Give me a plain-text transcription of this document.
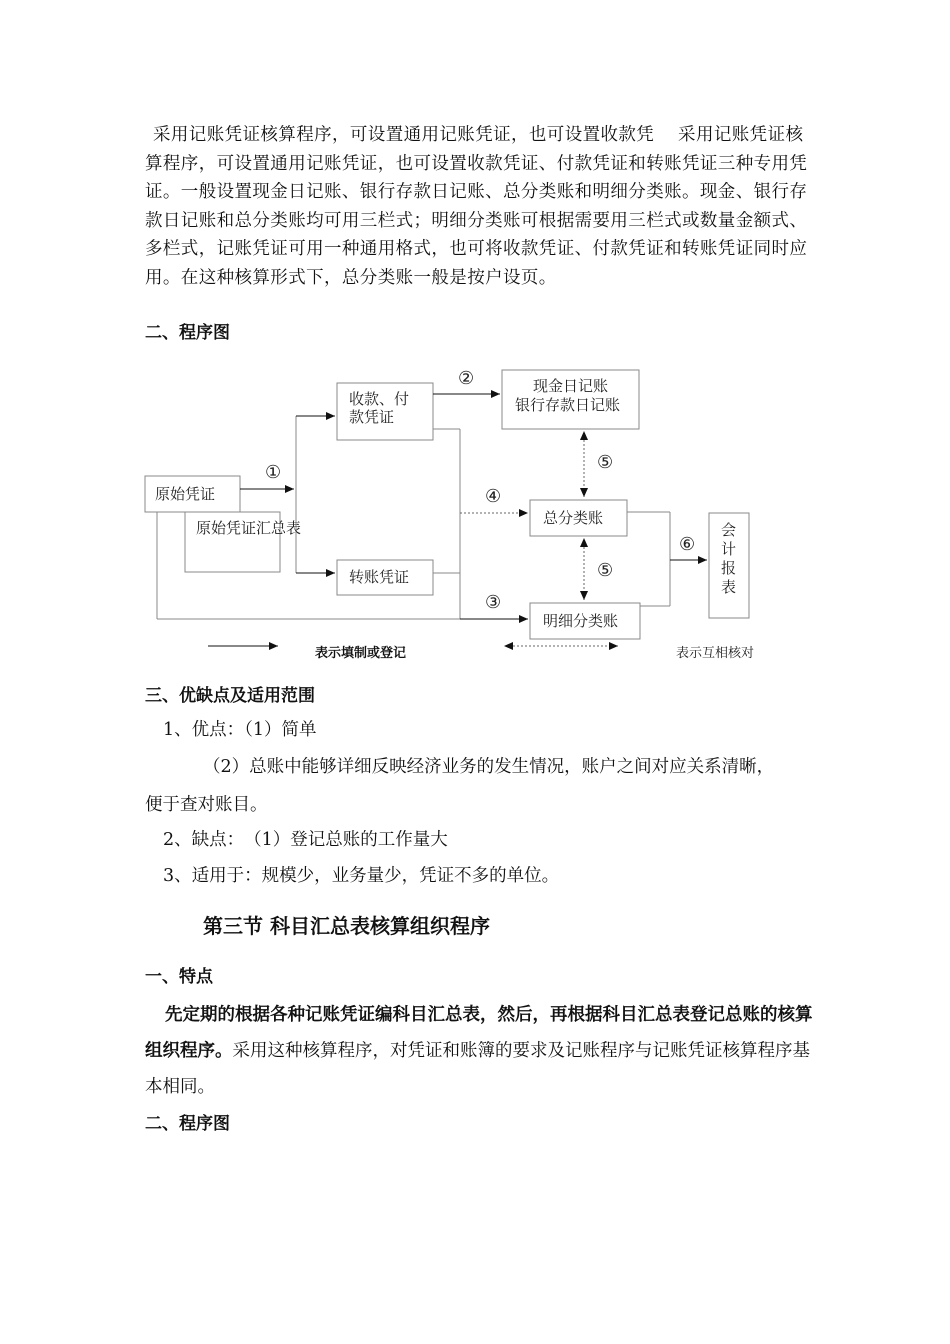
采用记账凭证核算程序，可设置通用记账凭证，也可设置收款凭　 采用记账凭证核算程序，可设置通用记账凭证，也可设置收款凭证、付款凭证和转账凭证三种专用凭证。一般设置现金日记账、银行存款日记账、总分类账和明细分类账。现金、银行存款日记账和总分类账均可用三栏式；明细分类账可根据需要用三栏式或数量金额式、多栏式，记账凭证可用一种通用格式，也可将收款凭证、付款凭证和转账凭证同时应用。在这种核算形式下，总分类账一般是按户设页。
二、程序图
原始凭证
原始凭证汇总表
收款、付
款凭证
转账凭证
现金日记账
银行存款日记账
总分类账
明细分类账
会
计
报
表
①
②
③
④
⑤
⑤
⑥
表示填制或登记	表示互相核对
三、优缺点及适用范围
1、优点：（1）简单
（2）总账中能够详细反映经济业务的发生情况，账户之间对应关系清晰，
便于查对账目。
2、缺点：　（1）登记总账的工作量大
3、适用于：规模少，业务量少，凭证不多的单位。
第三节 科目汇总表核算组织程序
一、特点
先定期的根据各种记账凭证编科目汇总表，然后，再根据科目汇总表登记总账的核算组织程序。采用这种核算程序，对凭证和账簿的要求及记账程序与记账凭证核算程序基本相同。
二、程序图
